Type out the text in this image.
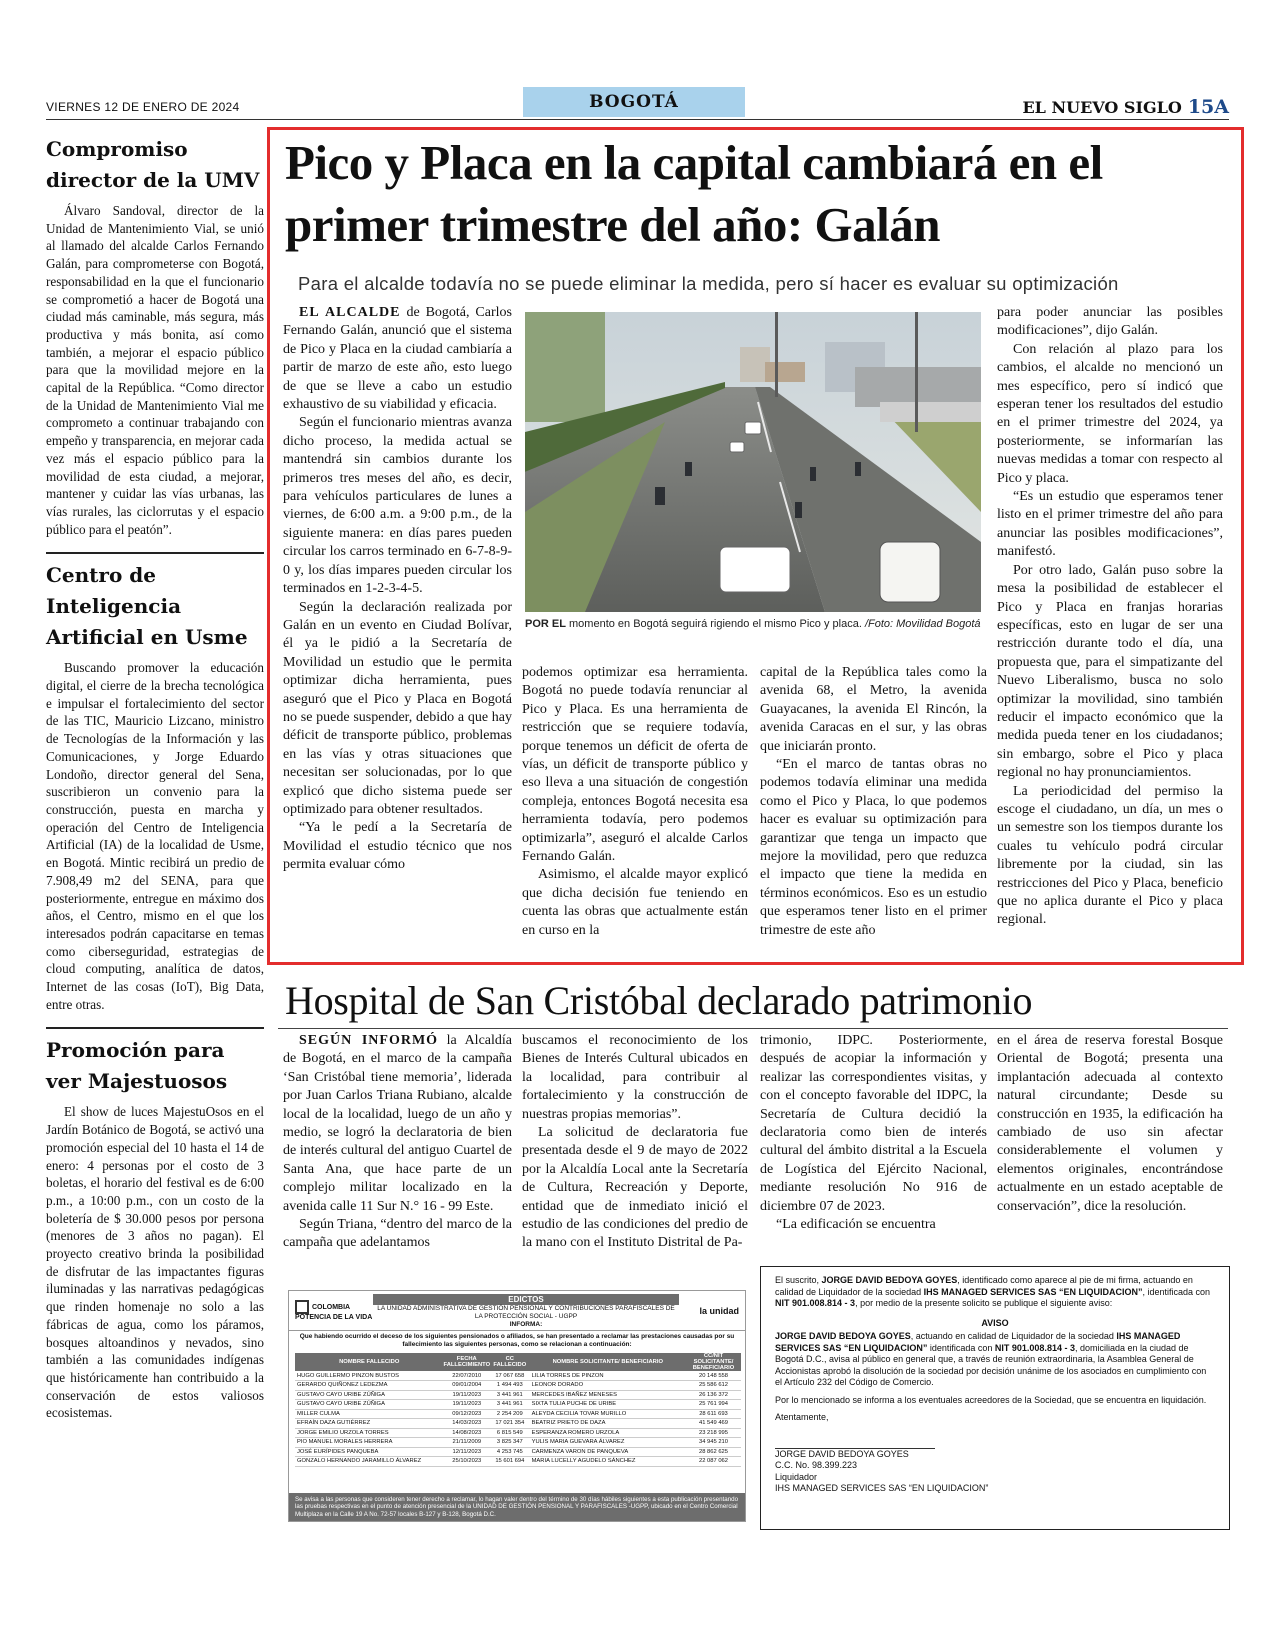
VIERNES 12 DE ENERO DE 2024	BOGOTÁ	EL NUEVO SIGLO 15A
Compromiso director de la UMV

Álvaro Sandoval, director de la Unidad de Mantenimiento Vial, se unió al llamado del alcalde Carlos Fernando Galán, para comprometerse con Bogotá, responsabilidad en la que el funcionario se comprometió a hacer de Bogotá una ciudad más caminable, más segura, más productiva y más bonita, así como también, a mejorar el espacio público para que la movilidad mejore en la capital de la República. “Como director de la Unidad de Mantenimiento Vial me comprometo a continuar trabajando con empeño y transparencia, en mejorar cada vez más el espacio público para la movilidad de esta ciudad, a mejorar, mantener y cuidar las vías urbanas, las vías rurales, las ciclorrutas y el espacio público para el peatón”.

Centro de Inteligencia Artificial en Usme

Buscando promover la educación digital, el cierre de la brecha tecnológica e impulsar el fortalecimiento del sector de las TIC, Mauricio Lizcano, ministro de Tecnologías de la Información y las Comunicaciones, y Jorge Eduardo Londoño, director general del Sena, suscribieron un convenio para la construcción, puesta en marcha y operación del Centro de Inteligencia Artificial (IA) de la localidad de Usme, en Bogotá. Mintic recibirá un predio de 7.908,49 m2 del SENA, para que posteriormente, entregue en máximo dos años, el Centro, mismo en el que los interesados podrán capacitarse en temas como ciberseguridad, estrategias de cloud computing, analítica de datos, Internet de las cosas (IoT), Big Data, entre otras.

Promoción para ver Majestuosos

El show de luces MajestuOsos en el Jardín Botánico de Bogotá, se activó una promoción especial del 10 hasta el 14 de enero: 4 personas por el costo de 3 boletas, el horario del festival es de 6:00 p.m., a 10:00 p.m., con un costo de la boletería de $ 30.000 pesos por persona (menores de 3 años no pagan). El proyecto creativo brinda la posibilidad de disfrutar de las impactantes figuras iluminadas y las narrativas pedagógicas que rinden homenaje no solo a las fábricas de agua, como los páramos, bosques altoandinos y nevados, sino también a las comunidades indígenas que históricamente han contribuido a la conservación de estos valiosos ecosistemas.

Pico y Placa en la capital cambiará en el primer trimestre del año: Galán
Para el alcalde todavía no se puede eliminar la medida, pero sí hacer es evaluar su optimización

EL ALCALDE de Bogotá, Carlos Fernando Galán, anunció que el sistema de Pico y Placa en la ciudad cambiaría a partir de marzo de este año, esto luego de que se lleve a cabo un estudio exhaustivo de su viabilidad y eficacia.

Según el funcionario mientras avanza dicho proceso, la medida actual se mantendrá sin cambios durante los primeros tres meses del año, es decir, para vehículos particulares de lunes a viernes, de 6:00 a.m. a 9:00 p.m., de la siguiente manera: en días pares pueden circular los carros terminado en 6-7-8-9-0 y, los días impares pueden circular los terminados en 1-2-3-4-5.

Según la declaración realizada por Galán en un evento en Ciudad Bolívar, él ya le pidió a la Secretaría de Movilidad un estudio que le permita optimizar dicha herramienta, pues aseguró que el Pico y Placa en Bogotá no se puede suspender, debido a que hay déficit de transporte público, problemas en las vías y otras situaciones que necesitan ser solucionadas, por lo que explicó que dicho sistema puede ser optimizado para obtener resultados.

“Ya le pedí a la Secretaría de Movilidad el estudio técnico que nos permita evaluar cómo

POR EL momento en Bogotá seguirá rigiendo el mismo Pico y placa. /Foto: Movilidad Bogotá

podemos optimizar esa herramienta. Bogotá no puede todavía renunciar al Pico y Placa. Es una herramienta de restricción que se requiere todavía, porque tenemos un déficit de oferta de vías, un déficit de transporte público y eso lleva a una situación de congestión compleja, entonces Bogotá necesita esa herramienta todavía, pero podemos optimizarla”, aseguró el alcalde Carlos Fernando Galán.

Asimismo, el alcalde mayor explicó que dicha decisión fue teniendo en cuenta las obras que actualmente están en curso en la

capital de la República tales como la avenida 68, el Metro, la avenida Guayacanes, la avenida El Rincón, la avenida Caracas en el sur, y las obras que iniciarán pronto.

“En el marco de tantas obras no podemos todavía eliminar una medida como el Pico y Placa, lo que podemos hacer es evaluar su optimización para garantizar que tenga un impacto que mejore la movilidad, pero que reduzca el impacto que tiene la medida en términos económicos. Eso es un estudio que esperamos tener listo en el primer trimestre de este año

para poder anunciar las posibles modificaciones”, dijo Galán.

Con relación al plazo para los cambios, el alcalde no mencionó un mes específico, pero sí indicó que esperan tener los resultados del estudio en el primer trimestre del 2024, ya posteriormente, se informarían las nuevas medidas a tomar con respecto al Pico y placa.

“Es un estudio que esperamos tener listo en el primer trimestre del año para anunciar las posibles modificaciones”, manifestó.

Por otro lado, Galán puso sobre la mesa la posibilidad de establecer el Pico y Placa en franjas horarias específicas, esto en lugar de ser una restricción durante todo el día, una propuesta que, para el simpatizante del Nuevo Liberalismo, busca no solo optimizar la movilidad, sino también reducir el impacto económico que la medida pueda tener en los ciudadanos; sin embargo, sobre el Pico y placa regional no hay pronunciamientos.

La periodicidad del permiso la escoge el ciudadano, un día, un mes o un semestre son los tiempos durante los cuales tu vehículo podrá circular libremente por la ciudad, sin las restricciones del Pico y Placa, beneficio que no aplica durante el Pico y placa regional.

Hospital de San Cristóbal declarado patrimonio

SEGÚN INFORMÓ la Alcaldía de Bogotá, en el marco de la campaña ‘San Cristóbal tiene memoria’, liderada por Juan Carlos Triana Rubiano, alcalde local de la localidad, luego de un año y medio, se logró la declaratoria de bien de interés cultural del antiguo Cuartel de Santa Ana, que hace parte de un complejo militar localizado en la avenida calle 11 Sur N.° 16 - 99 Este.

Según Triana, “dentro del marco de la campaña que adelantamos

buscamos el reconocimiento de los Bienes de Interés Cultural ubicados en la localidad, para contribuir al fortalecimiento y la construcción de nuestras propias memorias”.

La solicitud de declaratoria fue presentada desde el 9 de mayo de 2022 por la Alcaldía Local ante la Secretaría de Cultura, Recreación y Deporte, entidad que de inmediato inició el estudio de las condiciones del predio de la mano con el Instituto Distrital de Pa-

trimonio, IDPC. Posteriormente, después de acopiar la información y realizar las correspondientes visitas, y con el concepto favorable del IDPC, la Secretaría de Cultura decidió la declaratoria como bien de interés cultural del ámbito distrital a la Escuela de Logística del Ejército Nacional, mediante resolución No 916 de diciembre 07 de 2023.

“La edificación se encuentra

en el área de reserva forestal Bosque Oriental de Bogotá; presenta una implantación adecuada al contexto natural circundante; Desde su construcción en 1935, la edificación ha cambiado de uso sin afectar considerablemente el volumen y elementos originales, encontrándose actualmente en un estado aceptable de conservación”, dice la resolución.

COLOMBIA POTENCIA DE LA VIDA
EDICTOS
LA UNIDAD ADMINISTRATIVA DE GESTIÓN PENSIONAL Y CONTRIBUCIONES PARAFISCALES DE LA PROTECCIÓN SOCIAL - UGPP
INFORMA:
la unidad
Que habiendo ocurrido el deceso de los siguientes pensionados o afiliados, se han presentado a reclamar las prestaciones causadas por su fallecimiento las siguientes personas, como se relacionan a continuación:
NOMBRE FALLECIDO	FECHA FALLECIMIENTO	CC FALLECIDO	NOMBRE SOLICITANTE/ BENEFICIARIO	CC/NIT SOLICITANTE/ BENEFICIARIO
HUGO GUILLERMO PINZON BUSTOS	22/07/2010	17 067 658	LILIA TORRES DE PINZON	20 148 558
GERARDO QUIÑONEZ LEDEZMA	09/01/2004	1 494 493	LEONOR DORADO	25 586 612
GUSTAVO CAYO URIBE ZÚÑIGA	19/11/2023	3 441 961	MERCEDES IBAÑEZ MENESES	26 136 372
GUSTAVO CAYO URIBE ZÚÑIGA	19/11/2023	3 441 961	SIXTA TULIA PUCHE DE URIBE	25 761 994
MILLER CULMA	09/12/2023	2 254 209	ALEYDA CECILIA TOVAR MURILLO	28 611 693
EFRAÍN DAZA GUTIÉRREZ	14/03/2023	17 021 354	BEATRIZ PRIETO DE DAZA	41 549 469
JORGE EMILIO URZOLA TORRES	14/08/2023	6 815 549	ESPERANZA ROMERO URZOLA	23 218 995
PIO MANUEL MORALES HERRERA	21/11/2009	3 825 347	YULIS MARIA GUEVARA ÁLVAREZ	34 945 210
JOSÉ EURÍPIDES PANQUEBA	12/11/2023	4 253 745	CARMENZA VARON DE PANQUEVA	28 862 625
GONZALO HERNANDO JARAMILLO ÁLVAREZ	25/10/2023	15 601 694	MARIA LUCELLY AGUDELO SÁNCHEZ	22 087 062
Se avisa a las personas que consideren tener derecho a reclamar, lo hagan valer dentro del término de 30 días hábiles siguientes a esta publicación presentando las pruebas respectivas en el punto de atención presencial de la UNIDAD DE GESTIÓN PENSIONAL Y PARAFISCALES -UGPP, ubicado en el Centro Comercial Multiplaza en la Calle 19 A No. 72-57 locales B-127 y B-128, Bogotá D.C.

El suscrito, JORGE DAVID BEDOYA GOYES, identificado como aparece al pie de mi firma, actuando en calidad de Liquidador de la sociedad IHS MANAGED SERVICES SAS “EN LIQUIDACION”, identificada con NIT 901.008.814 - 3, por medio de la presente solicito se publique el siguiente aviso:

AVISO

JORGE DAVID BEDOYA GOYES, actuando en calidad de Liquidador de la sociedad IHS MANAGED SERVICES SAS “EN LIQUIDACION” identificada con NIT 901.008.814 - 3, domiciliada en la ciudad de Bogotá D.C., avisa al público en general que, a través de reunión extraordinaria, la Asamblea General de Accionistas aprobó la disolución de la sociedad por decisión unánime de los asociados en cumplimiento con el Artículo 232 del Código de Comercio.

Por lo mencionado se informa a los eventuales acreedores de la Sociedad, que se encuentra en liquidación.

Atentamente,

JORGE DAVID BEDOYA GOYES

C.C. No. 98.399.223

Liquidador

IHS MANAGED SERVICES SAS “EN LIQUIDACION”
